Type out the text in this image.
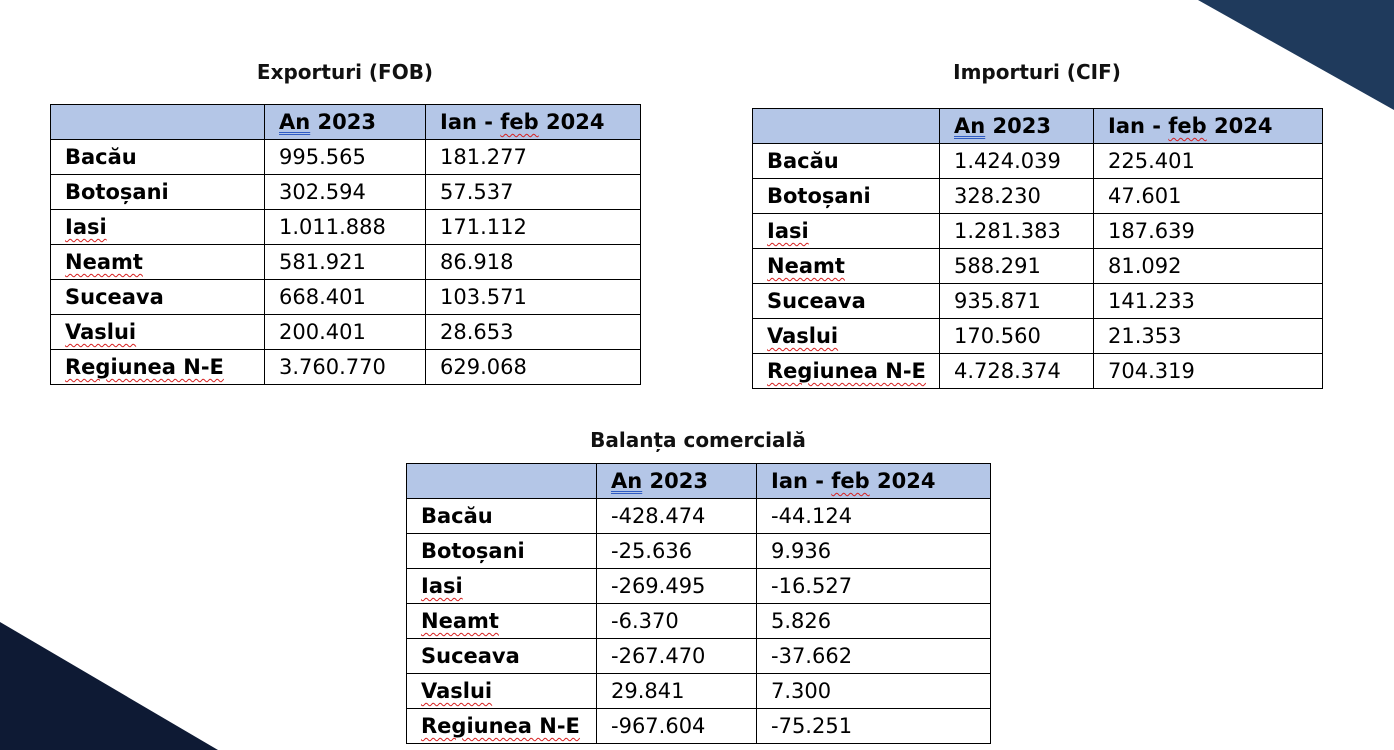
Exporturi (FOB)
	An 2023	Ian - feb 2024
Bacău	995.565	181.277
Botoșani	302.594	57.537
Iasi	1.011.888	171.112
Neamt	581.921	86.918
Suceava	668.401	103.571
Vaslui	200.401	28.653
Regiunea N-E	3.760.770	629.068
Importuri (CIF)
	An 2023	Ian - feb 2024
Bacău	1.424.039	225.401
Botoșani	328.230	47.601
Iasi	1.281.383	187.639
Neamt	588.291	81.092
Suceava	935.871	141.233
Vaslui	170.560	21.353
Regiunea N-E	4.728.374	704.319
Balanța comercială
	An 2023	Ian - feb 2024
Bacău	-428.474	-44.124
Botoșani	-25.636	9.936
Iasi	-269.495	-16.527
Neamt	-6.370	5.826
Suceava	-267.470	-37.662
Vaslui	29.841	7.300
Regiunea N-E	-967.604	-75.251
